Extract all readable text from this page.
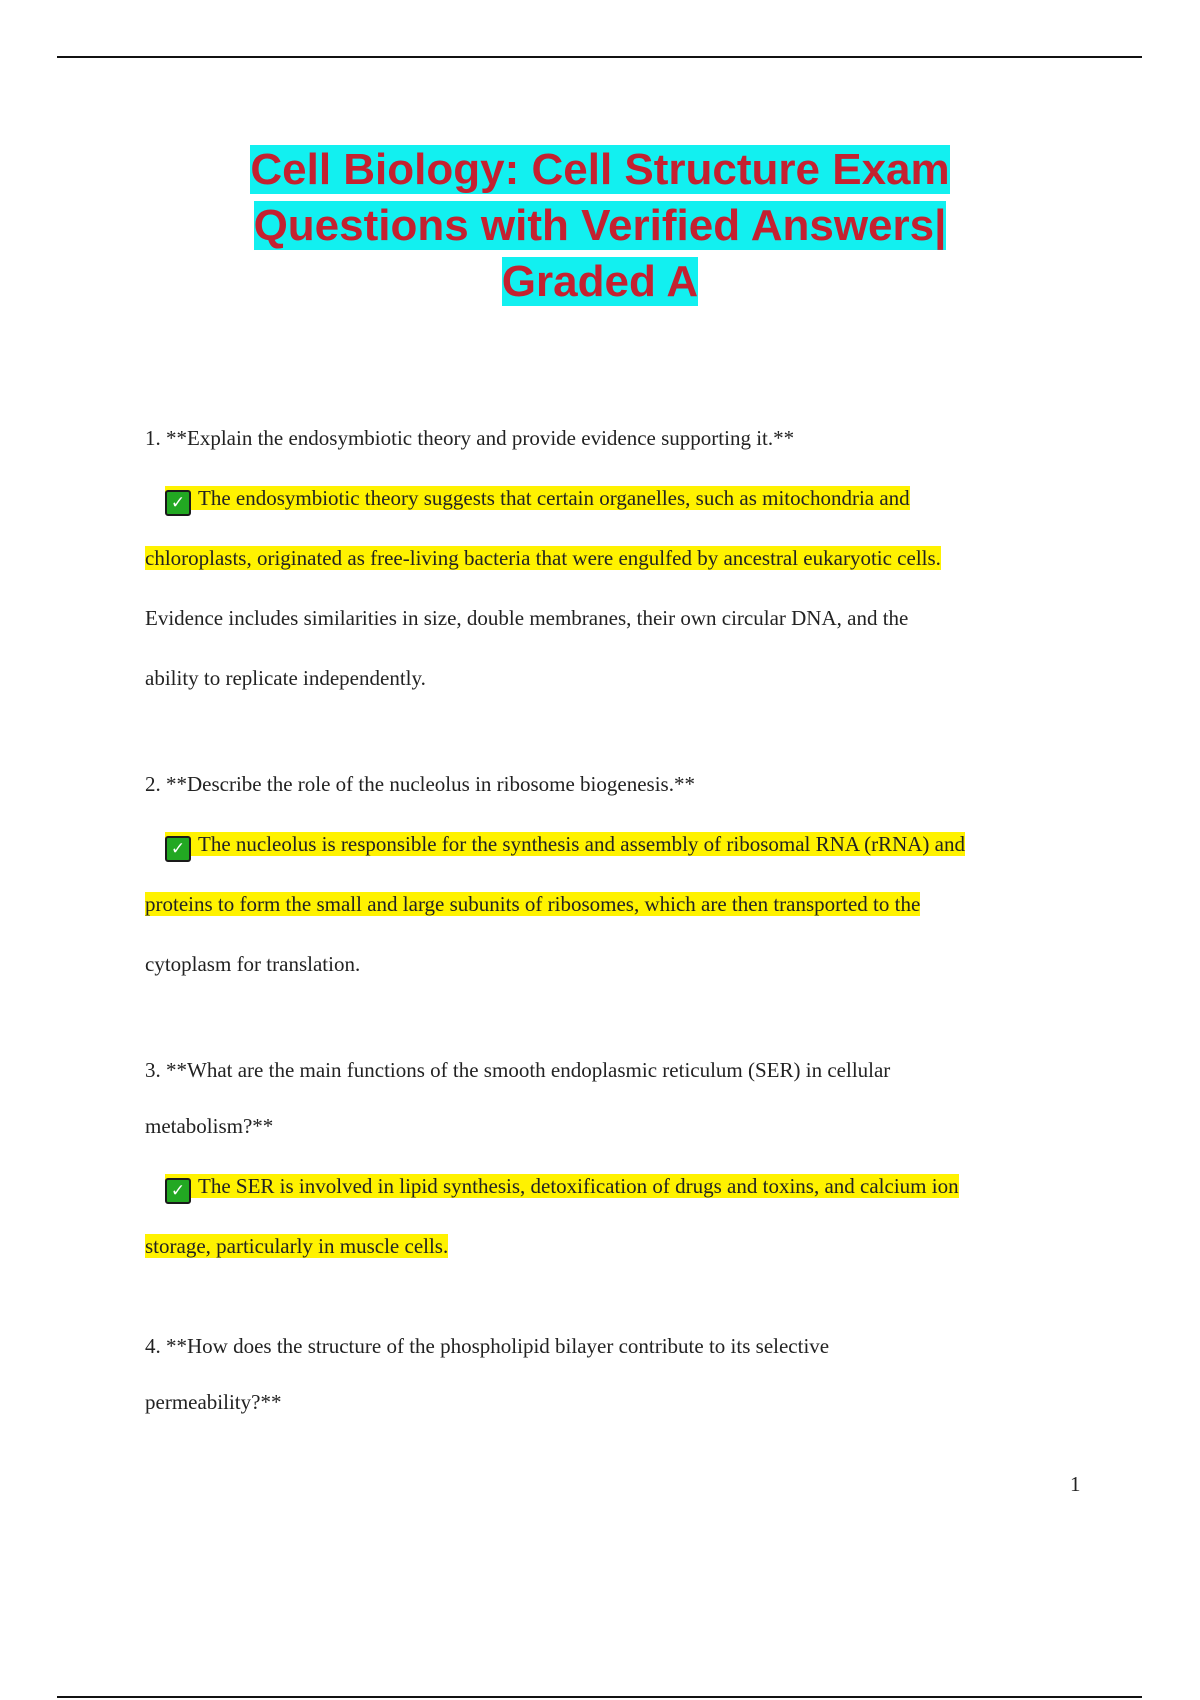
Cell Biology: Cell Structure Exam
Questions with Verified Answers|
Graded A

1. **Explain the endosymbiotic theory and provide evidence supporting it.**

✓ The endosymbiotic theory suggests that certain organelles, such as mitochondria and
chloroplasts, originated as free-living bacteria that were engulfed by ancestral eukaryotic cells.
Evidence includes similarities in size, double membranes, their own circular DNA, and the
ability to replicate independently.

2. **Describe the role of the nucleolus in ribosome biogenesis.**

✓ The nucleolus is responsible for the synthesis and assembly of ribosomal RNA (rRNA) and
proteins to form the small and large subunits of ribosomes, which are then transported to the
cytoplasm for translation.

3. **What are the main functions of the smooth endoplasmic reticulum (SER) in cellular
metabolism?**

✓ The SER is involved in lipid synthesis, detoxification of drugs and toxins, and calcium ion
storage, particularly in muscle cells.

4. **How does the structure of the phospholipid bilayer contribute to its selective
permeability?**

1
